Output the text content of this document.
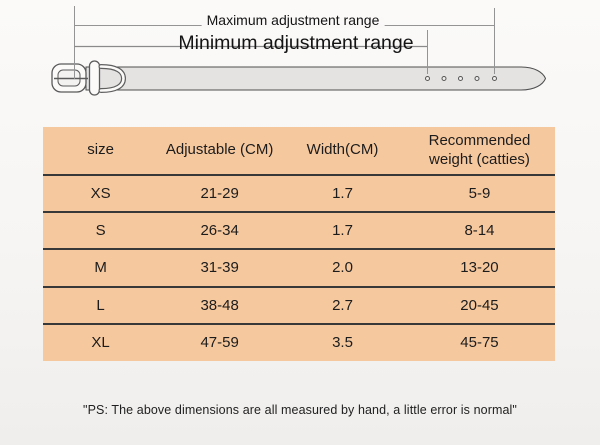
Maximum adjustment range
Minimum adjustment range
size	Adjustable (CM)	Width(CM)	Recommended weight (catties)
XS	21-29	1.7	5-9
S	26-34	1.7	8-14
M	31-39	2.0	13-20
L	38-48	2.7	20-45
XL	47-59	3.5	45-75
"PS: The above dimensions are all measured by hand, a little error is normal"
